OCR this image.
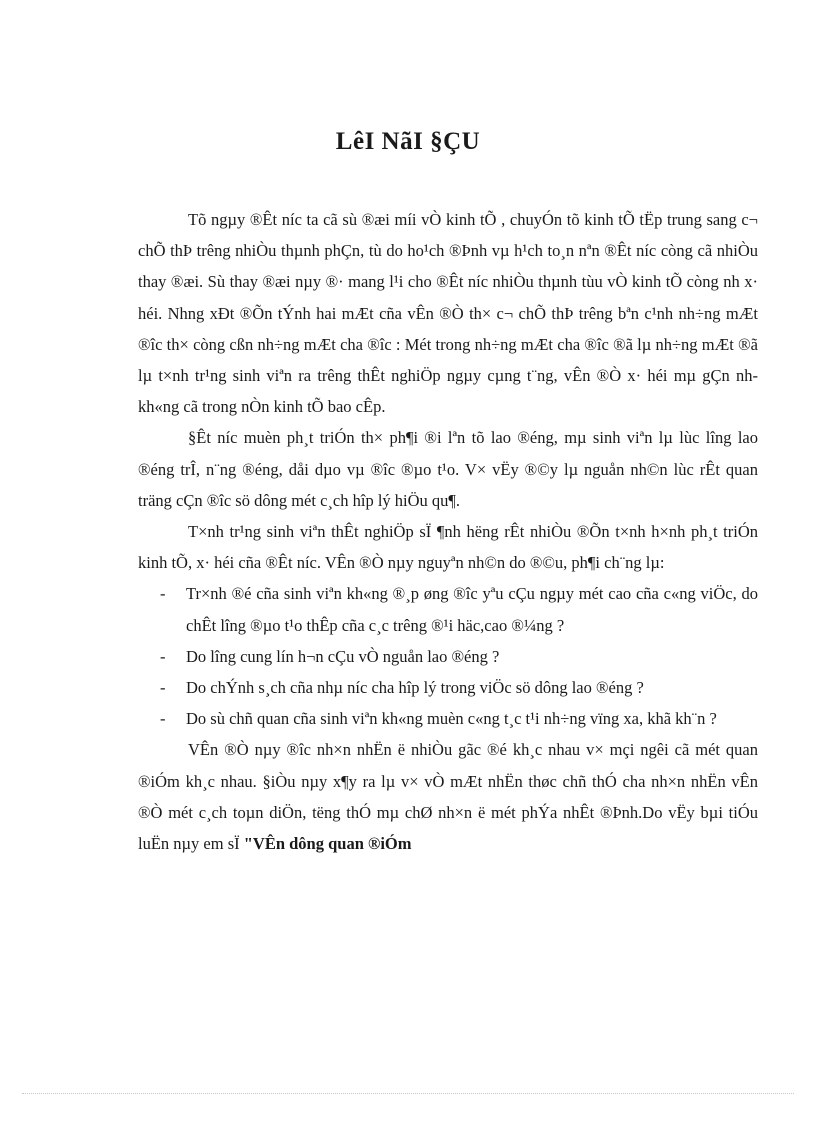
LêI NãI §ÇU

Tõ ngµy ®Êt níc ta cã sù ®æi míi vÒ kinh tÕ , chuyÓn tõ kinh tÕ tËp trung sang c¬ chÕ thÞ trêng nhiÒu thµnh phÇn, tù do ho¹ch ®Þnh vµ h¹ch to¸n nªn ®Êt níc còng cã nhiÒu thay ®æi. Sù thay ®æi nµy ®· mang l¹i cho ®Êt níc nhiÒu thµnh tùu vÒ kinh tÕ còng nh x· héi. Nhng xÐt ®Õn tÝnh hai mÆt cña vÊn ®Ò th× c¬ chÕ thÞ trêng bªn c¹nh nh÷ng mÆt ®îc th× còng cßn nh÷ng mÆt cha ®îc : Mét trong nh÷ng mÆt cha ®îc ®ã lµ nh÷ng mÆt ®ã lµ t×nh tr¹ng sinh viªn ra trêng thÊt nghiÖp ngµy cµng t¨ng, vÊn ®Ò x· héi mµ gÇn nh kh«ng cã trong nÒn kinh tÕ bao cÊp.

§Êt níc muèn ph¸t triÓn th× ph¶i ®i lªn tõ lao ®éng, mµ sinh viªn lµ lùc lîng lao ®éng trÎ, n¨ng ®éng, dåi dµo vµ ®îc ®µo t¹o. V× vËy ®©y lµ nguån nh©n lùc rÊt quan träng cÇn ®îc sö dông mét c¸ch hîp lý hiÖu qu¶.

T×nh tr¹ng sinh viªn thÊt nghiÖp sÏ ¶nh hëng rÊt nhiÒu ®Õn t×nh h×nh ph¸t triÓn kinh tÕ, x· héi cña ®Êt níc. VÊn ®Ò nµy nguyªn nh©n do ®©u, ph¶i ch¨ng lµ:

- Tr×nh ®é cña sinh viªn kh«ng ®¸p øng ®îc yªu cÇu ngµy mét cao cña c«ng viÖc, do chÊt lîng ®µo t¹o thÊp cña c¸c trêng ®¹i häc,cao ®¼ng ?
- Do lîng cung lín h¬n cÇu vÒ nguån lao ®éng ?
- Do chÝnh s¸ch cña nhµ níc cha hîp lý trong viÖc sö dông lao ®éng ?
- Do sù chñ quan cña sinh viªn kh«ng muèn c«ng t¸c t¹i nh÷ng vïng xa, khã kh¨n ?

VÊn ®Ò nµy ®îc nh×n nhËn ë nhiÒu gãc ®é kh¸c nhau v× mçi ngêi cã mét quan ®iÓm kh¸c nhau. §iÒu nµy x¶y ra lµ v× vÒ mÆt nhËn thøc chñ thÓ cha nh×n nhËn vÊn ®Ò mét c¸ch toµn diÖn, tëng thÓ mµ chØ nh×n ë mét phÝa nhÊt ®Þnh.Do vËy bµi tiÓu luËn nµy em sÏ "VÊn dông quan ®iÓm
